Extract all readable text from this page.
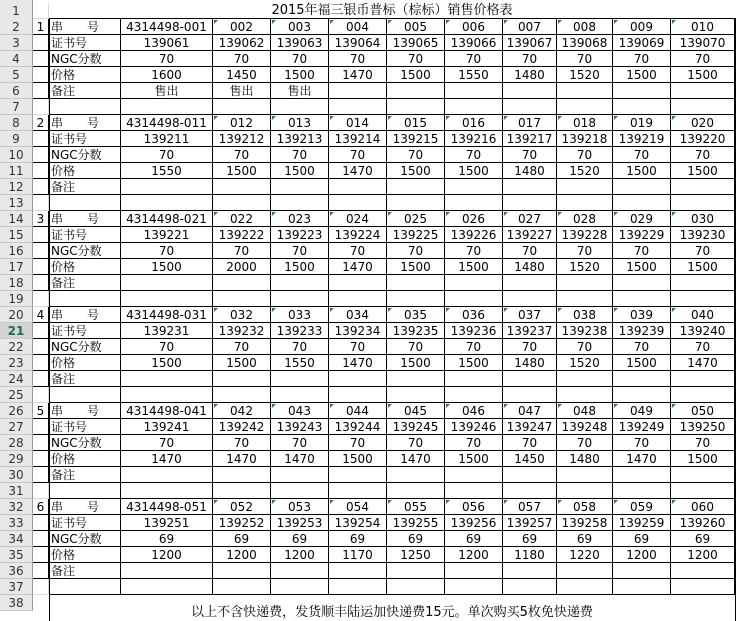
1
2
3
4
5
6
7
8
9
10
11
12
13
14
15
16
17
18
19
20
21
22
23
24
25
26
27
28
29
30
31
32
33
34
35
36
37
38
1 串　　号	4314498-001	002	003	004	005	006	007	008	009	010
证书号	139061	139062	139063	139064	139065	139066 139067 139068 139069	139070
NGC分数	70	70	70	70	70	70	70	70	70	70
价格	1600	1450	1500	1470	1500	1550	1480	1520	1500	1500
备注	售出	售出	售出
2 串　　号	4314498-011	012	013	014	015	016	017	018	019	020
证书号	139211	139212	139213	139214	139215	139216 139217 139218 139219	139220
NGC分数	70	70	70	70	70	70	70	70	70	70
价格	1550	1500	1500	1470	1500	1500	1480	1520	1500	1500
备注
3 串　　号	4314498-021	022	023	024	025	026	027	028	029	030
证书号	139221	139222	139223	139224	139225	139226 139227 139228 139229	139230
NGC分数	70	70	70	70	70	70	70	70	70	70
价格	1500	2000	1500	1470	1500	1500	1480	1520	1500	1500
备注
4 串　　号	4314498-031	032	033	034	035	036	037	038	039	040
证书号	139231	139232	139233	139234	139235	139236 139237 139238 139239	139240
NGC分数	70	70	70	70	70	70	70	70	70	70
价格	1500	1500	1550	1470	1500	1500	1480	1520	1500	1470
备注
5 串　　号	4314498-041	042	043	044	045	046	047	048	049	050
证书号	139241	139242	139243	139244	139245	139246 139247 139248 139249	139250
NGC分数	70	70	70	70	70	70	70	70	70	70
价格	1470	1470	1470	1500	1470	1500	1450	1480	1470	1500
备注
6 串　　号	4314498-051	052	053	054	055	056	057	058	059	060
证书号	139251	139252	139253	139254	139255	139256 139257 139258 139259	139260
NGC分数	69	69	69	69	69	69	69	69	69	69
价格	1200	1200	1200	1170	1250	1200	1180	1220	1200	1200
备注
2015年福三银币普标（棕标）销售价格表
以上不含快递费，发货顺丰陆运加快递费15元。单次购买5枚免快递费
